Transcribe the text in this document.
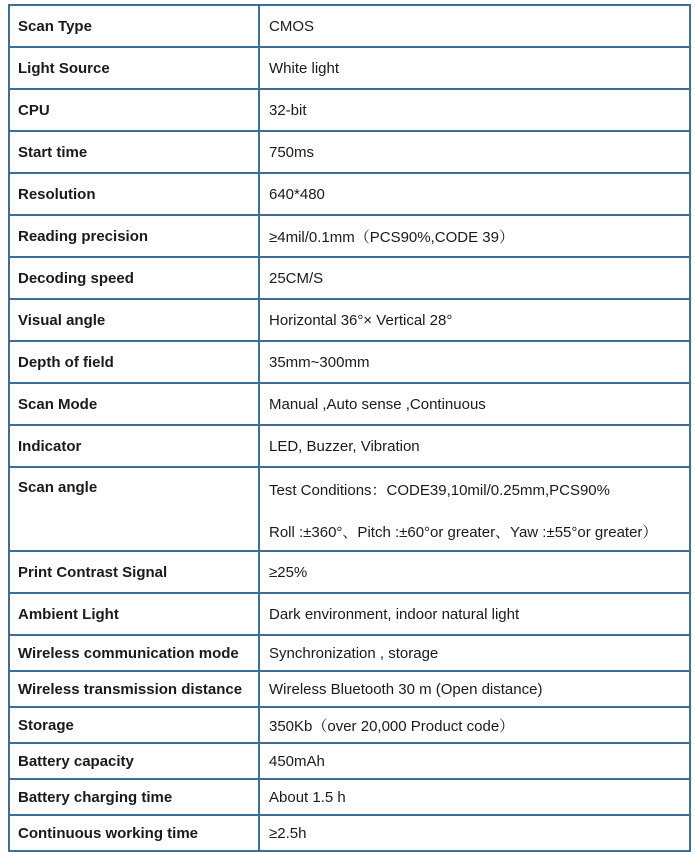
Scan Type	CMOS
Light Source	White light
CPU	32-bit
Start time	750ms
Resolution	640*480
Reading precision	≥4mil/0.1mm（PCS90%,CODE 39）
Decoding speed	25CM/S
Visual angle	Horizontal 36°× Vertical 28°
Depth of field	35mm~300mm
Scan Mode	Manual ,Auto sense ,Continuous
Indicator	LED, Buzzer, Vibration
Scan angle	Test Conditions：CODE39,10mil/0.25mm,PCS90%
Roll :±360°、Pitch :±60°or greater、Yaw :±55°or greater）

Print Contrast Signal	≥25%
Ambient Light	Dark environment, indoor natural light
Wireless communication mode	Synchronization , storage
Wireless transmission distance	Wireless Bluetooth 30 m (Open distance)
Storage	350Kb（over 20,000 Product code）
Battery capacity	450mAh
Battery charging time	About 1.5 h
Continuous working time	≥2.5h
